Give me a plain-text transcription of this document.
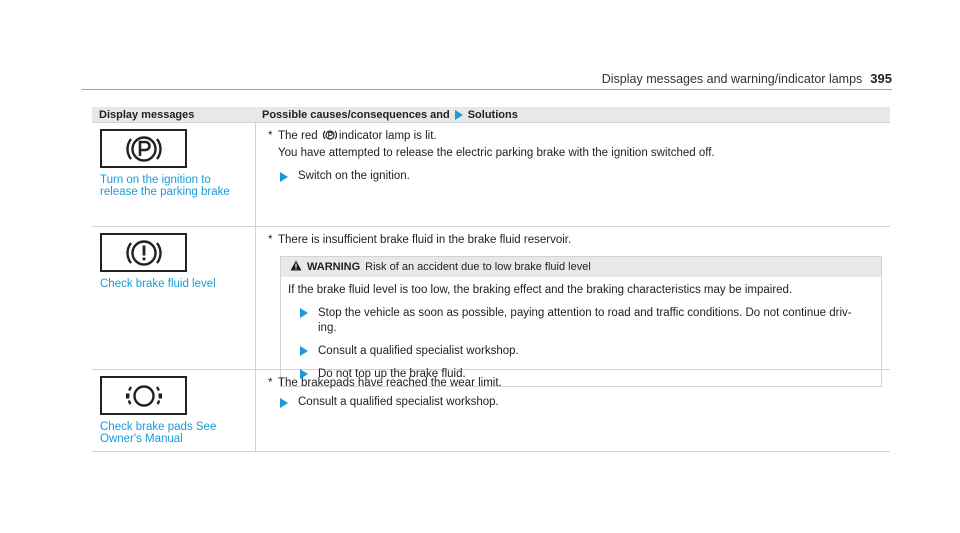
Display messages and warning/indicator lamps 395
Display messages	Possible causes/consequences and Solutions
Turn on the ignition to
release the parking brake
* The red indicator lamp is lit.
You have attempted to release the electric parking brake with the ignition switched off.
Switch on the ignition.
Check brake fluid level
* There is insufficient brake fluid in the brake fluid reservoir.
WARNING Risk of an accident due to low brake fluid level
If the brake fluid level is too low, the braking effect and the braking characteristics may be impaired.
Stop the vehicle as soon as possible, paying attention to road and traffic conditions. Do not continue driv-
ing.
Consult a qualified specialist workshop.
Do not top up the brake fluid.
Check brake pads See
Owner's Manual
* The brakepads have reached the wear limit.
Consult a qualified specialist workshop.
